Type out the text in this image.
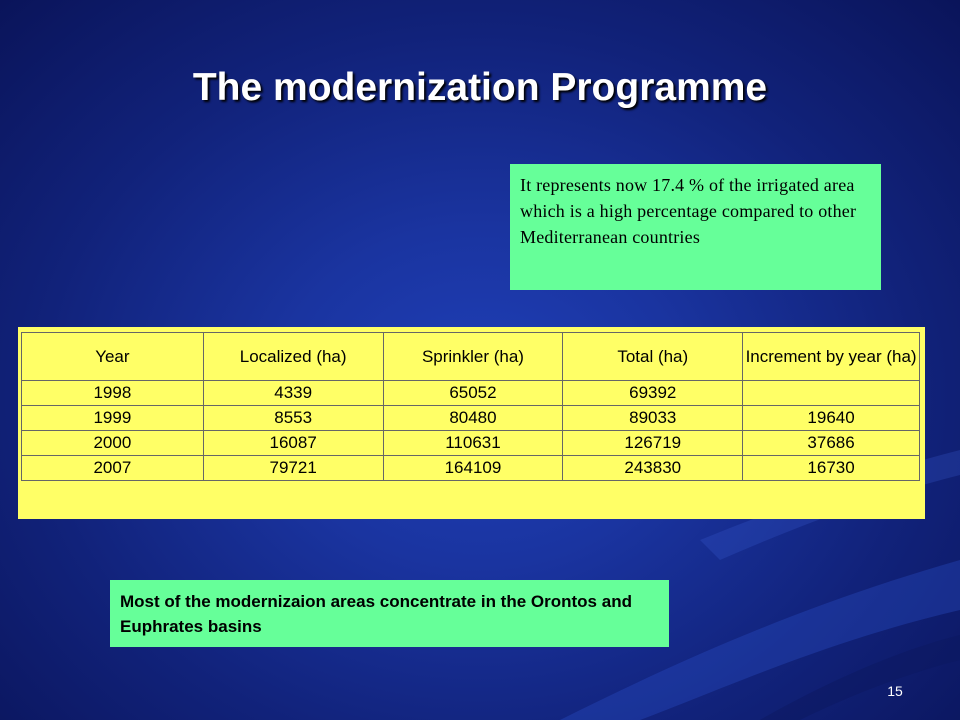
The modernization Programme
It represents now 17.4 % of the irrigated area which is a high percentage compared to other Mediterranean countries
Year	Localized (ha)	Sprinkler (ha)	Total (ha)	Increment by year (ha)
1998	4339	65052	69392	
1999	8553	80480	89033	19640
2000	16087	110631	126719	37686
2007	79721	164109	243830	16730
Most of the modernizaion areas concentrate in the Orontos and Euphrates basins
15
